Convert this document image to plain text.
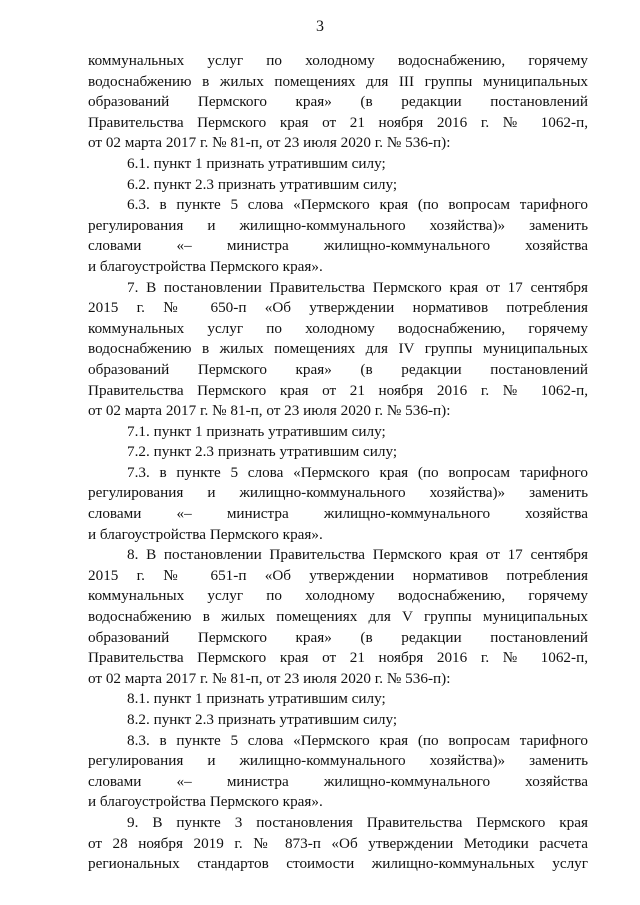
3
коммунальных услуг по холодному водоснабжению, горячему
водоснабжению в жилых помещениях для III группы муниципальных
образований Пермского края» (в редакции постановлений
Правительства Пермского края от 21 ноября 2016 г. № 1062-п,
от 02 марта 2017 г. № 81-п, от 23 июля 2020 г. № 536-п):
6.1. пункт 1 признать утратившим силу;
6.2. пункт 2.3 признать утратившим силу;
6.3. в пункте 5 слова «Пермского края (по вопросам тарифного
регулирования и жилищно-коммунального хозяйства)» заменить
словами «– министра жилищно-коммунального хозяйства
и благоустройства Пермского края».
7. В постановлении Правительства Пермского края от 17 сентября
2015 г. № 650-п «Об утверждении нормативов потребления
коммунальных услуг по холодному водоснабжению, горячему
водоснабжению в жилых помещениях для IV группы муниципальных
образований Пермского края» (в редакции постановлений
Правительства Пермского края от 21 ноября 2016 г. № 1062-п,
от 02 марта 2017 г. № 81-п, от 23 июля 2020 г. № 536-п):
7.1. пункт 1 признать утратившим силу;
7.2. пункт 2.3 признать утратившим силу;
7.3. в пункте 5 слова «Пермского края (по вопросам тарифного
регулирования и жилищно-коммунального хозяйства)» заменить
словами «– министра жилищно-коммунального хозяйства
и благоустройства Пермского края».
8. В постановлении Правительства Пермского края от 17 сентября
2015 г. № 651-п «Об утверждении нормативов потребления
коммунальных услуг по холодному водоснабжению, горячему
водоснабжению в жилых помещениях для V группы муниципальных
образований Пермского края» (в редакции постановлений
Правительства Пермского края от 21 ноября 2016 г. № 1062-п,
от 02 марта 2017 г. № 81-п, от 23 июля 2020 г. № 536-п):
8.1. пункт 1 признать утратившим силу;
8.2. пункт 2.3 признать утратившим силу;
8.3. в пункте 5 слова «Пермского края (по вопросам тарифного
регулирования и жилищно-коммунального хозяйства)» заменить
словами «– министра жилищно-коммунального хозяйства
и благоустройства Пермского края».
9. В пункте 3 постановления Правительства Пермского края
от 28 ноября 2019 г. № 873-п «Об утверждении Методики расчета
региональных стандартов стоимости жилищно-коммунальных услуг
